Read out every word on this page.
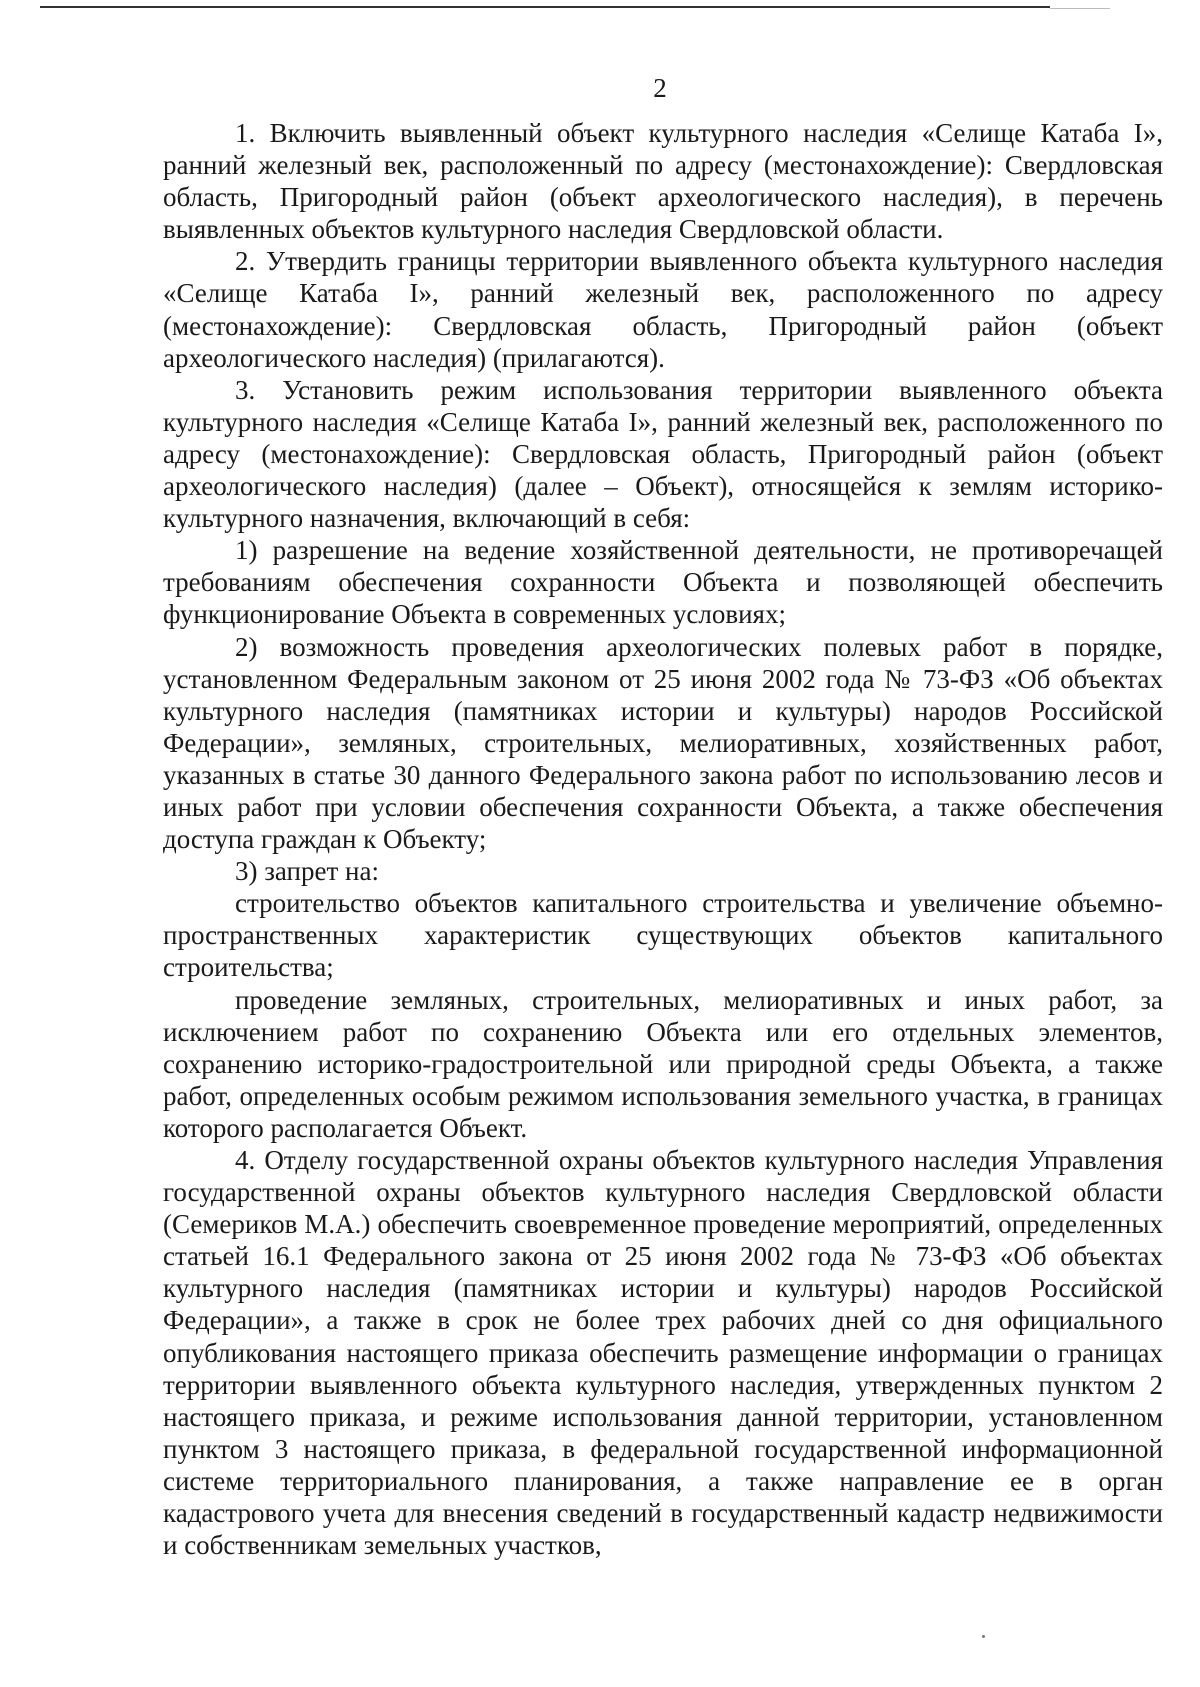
2

1. Включить выявленный объект культурного наследия «Селище Катаба I», ранний железный век, расположенный по адресу (местонахождение): Свердловская область, Пригородный район (объект археологического наследия), в перечень выявленных объектов культурного наследия Свердловской области.

2. Утвердить границы территории выявленного объекта культурного наследия «Селище Катаба I», ранний железный век, расположенного по адресу (местонахождение): Свердловская область, Пригородный район (объект археологического наследия) (прилагаются).

3. Установить режим использования территории выявленного объекта культурного наследия «Селище Катаба I», ранний железный век, расположенного по адресу (местонахождение): Свердловская область, Пригородный район (объект археологического наследия) (далее – Объект), относящейся к землям историко-культурного назначения, включающий в себя:

1) разрешение на ведение хозяйственной деятельности, не противоречащей требованиям обеспечения сохранности Объекта и позволяющей обеспечить функционирование Объекта в современных условиях;

2) возможность проведения археологических полевых работ в порядке, установленном Федеральным законом от 25 июня 2002 года № 73-ФЗ «Об объектах культурного наследия (памятниках истории и культуры) народов Российской Федерации», земляных, строительных, мелиоративных, хозяйственных работ, указанных в статье 30 данного Федерального закона работ по использованию лесов и иных работ при условии обеспечения сохранности Объекта, а также обеспечения доступа граждан к Объекту;

3) запрет на:

строительство объектов капитального строительства и увеличение объемно-пространственных характеристик существующих объектов капитального строительства;

проведение земляных, строительных, мелиоративных и иных работ, за исключением работ по сохранению Объекта или его отдельных элементов, сохранению историко-градостроительной или природной среды Объекта, а также работ, определенных особым режимом использования земельного участка, в границах которого располагается Объект.

4. Отделу государственной охраны объектов культурного наследия Управления государственной охраны объектов культурного наследия Свердловской области (Семериков М.А.) обеспечить своевременное проведение мероприятий, определенных статьей 16.1 Федерального закона от 25 июня 2002 года № 73-ФЗ «Об объектах культурного наследия (памятниках истории и культуры) народов Российской Федерации», а также в срок не более трех рабочих дней со дня официального опубликования настоящего приказа обеспечить размещение информации о границах территории выявленного объекта культурного наследия, утвержденных пунктом 2 настоящего приказа, и режиме использования данной территории, установленном пунктом 3 настоящего приказа, в федеральной государственной информационной системе территориального планирования, а также направление ее в орган кадастрового учета для внесения сведений в государственный кадастр недвижимости и собственникам земельных участков,
